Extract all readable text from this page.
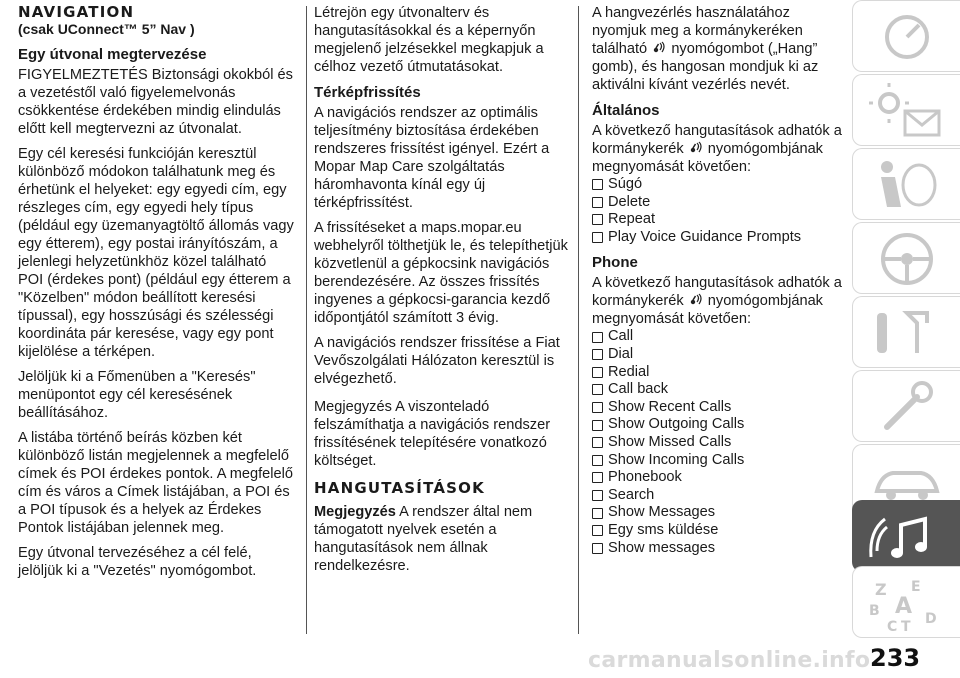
NAVIGATION
(csak UConnect™ 5” Nav )
Egy útvonal megtervezése
FIGYELMEZTETÉS Biztonsági okokból és a vezetéstől való figyelemelvonás csökkentése érdekében mindig elindulás előtt kell megtervezni az útvonalat.
Egy cél keresési funkcióján keresztül különböző módokon találhatunk meg és érhetünk el helyeket: egy egyedi cím, egy részleges cím, egy egyedi hely típus (például egy üzemanyagtöltő állomás vagy egy étterem), egy postai irányítószám, a jelenlegi helyzetünkhöz közel található POI (érdekes pont) (például egy étterem a "Közelben" módon beállított keresési típussal), egy hosszúsági és szélességi koordináta pár keresése, vagy egy pont kijelölése a térképen.
Jelöljük ki a Főmenüben a "Keresés" menüpontot egy cél keresésének beállításához.
A listába történő beírás közben két különböző listán megjelennek a megfelelő címek és POI érdekes pontok. A megfelelő cím és város a Címek listájában, a POI és a POI típusok és a helyek az Érdekes Pontok listájában jelennek meg.
Egy útvonal tervezéséhez a cél felé, jelöljük ki a "Vezetés" nyomógombot.
Létrejön egy útvonalterv és hangutasításokkal és a képernyőn megjelenő jelzésekkel megkapjuk a célhoz vezető útmutatásokat.
Térképfrissítés
A navigációs rendszer az optimális teljesítmény biztosítása érdekében rendszeres frissítést igényel. Ezért a Mopar Map Care szolgáltatás háromhavonta kínál egy új térképfrissítést.
A frissítéseket a maps.mopar.eu webhelyről tölthetjük le, és telepíthetjük közvetlenül a gépkocsink navigációs berendezésére. Az összes frissítés ingyenes a gépkocsi-garancia kezdő időpontjától számított 3 évig.
A navigációs rendszer frissítése a Fiat Vevőszolgálati Hálózaton keresztül is elvégezhető.
Megjegyzés A viszonteladó felszámíthatja a navigációs rendszer frissítésének telepítésére vonatkozó költséget.
HANGUTASÍTÁSOK
Megjegyzés A rendszer által nem támogatott nyelvek esetén a hangutasítások nem állnak rendelkezésre.
A hangvezérlés használatához nyomjuk meg a kormánykeréken található nyomógombot („Hang” gomb), és hangosan mondjuk ki az aktiválni kívánt vezérlés nevét.
Általános
A következő hangutasítások adhatók a kormánykerék nyomógombjának megnyomását követően:
Súgó
Delete
Repeat
Play Voice Guidance Prompts
Phone
A következő hangutasítások adhatók a kormánykerék nyomógombjának megnyomását követően:
Call
Dial
Redial
Call back
Show Recent Calls
Show Outgoing Calls
Show Missed Calls
Show Incoming Calls
Phonebook
Search
Show Messages
Egy sms küldése
Show messages
Z E
B A
C T D
carmanualsonline.info 233
